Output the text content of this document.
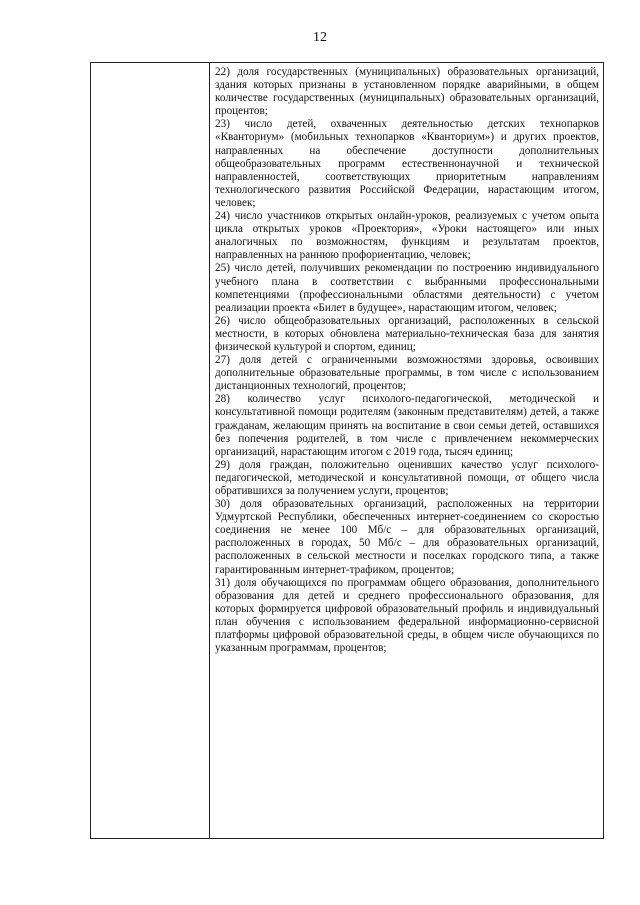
12

22) доля государственных (муниципальных) образовательных организаций, здания которых признаны в установленном порядке аварийными, в общем количестве государственных (муниципальных) образовательных организаций, процентов;

23) число детей, охваченных деятельностью детских технопарков «Кванториум» (мобильных технопарков «Кванториум») и других проектов, направленных на обеспечение доступности дополнительных общеобразовательных программ естественнонаучной и технической направленностей, соответствующих приоритетным направлениям технологического развития Российской Федерации, нарастающим итогом, человек;

24) число участников открытых онлайн-уроков, реализуемых с учетом опыта цикла открытых уроков «Проектория», «Уроки настоящего» или иных аналогичных по возможностям, функциям и результатам проектов, направленных на раннюю профориентацию, человек;

25) число детей, получивших рекомендации по построению индивидуального учебного плана в соответствии с выбранными профессиональными компетенциями (профессиональными областями деятельности) с учетом реализации проекта «Билет в будущее», нарастающим итогом, человек;

26) число общеобразовательных организаций, расположенных в сельской местности, в которых обновлена материально-техническая база для занятия физической культурой и спортом, единиц;

27) доля детей с ограниченными возможностями здоровья, освоивших дополнительные образовательные программы, в том числе с использованием дистанционных технологий, процентов;

28) количество услуг психолого-педагогической, методической и консультативной помощи родителям (законным представителям) детей, а также гражданам, желающим принять на воспитание в свои семьи детей, оставшихся без попечения родителей, в том числе с привлечением некоммерческих организаций, нарастающим итогом с 2019 года, тысяч единиц;

29) доля граждан, положительно оценивших качество услуг психолого-педагогической, методической и консультативной помощи, от общего числа обратившихся за получением услуги, процентов;

30) доля образовательных организаций, расположенных на территории Удмуртской Республики, обеспеченных интернет-соединением со скоростью соединения не менее 100 Мб/с – для образовательных организаций, расположенных в городах, 50 Мб/с – для образовательных организаций, расположенных в сельской местности и поселках городского типа, а также гарантированным интернет-трафиком, процентов;

31) доля обучающихся по программам общего образования, дополнительного образования для детей и среднего профессионального образования, для которых формируется цифровой образовательный профиль и индивидуальный план обучения с использованием федеральной информационно-сервисной платформы цифровой образовательной среды, в общем числе обучающихся по указанным программам, процентов;
